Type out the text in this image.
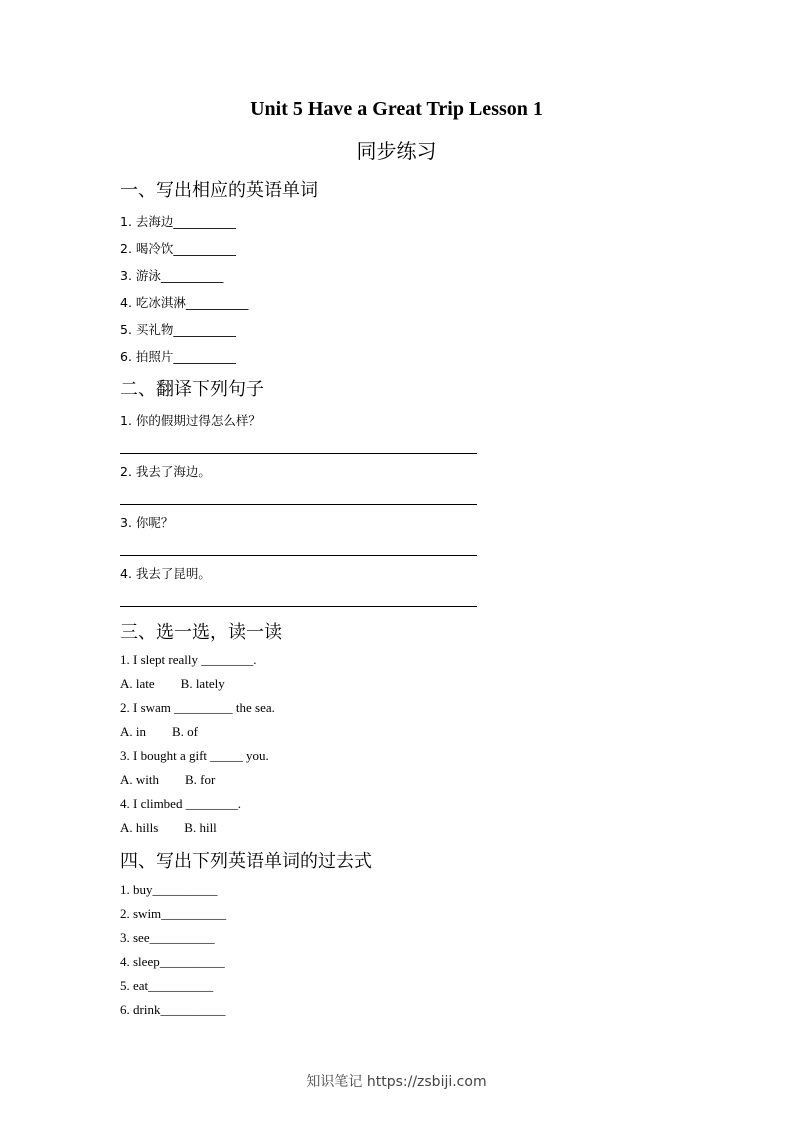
Unit 5 Have a Great Trip Lesson 1
同步练习
一、写出相应的英语单词
1. 去海边__________
2. 喝冷饮__________
3. 游泳__________
4. 吃冰淇淋__________
5. 买礼物__________
6. 拍照片__________
二、翻译下列句子
1. 你的假期过得怎么样？
2. 我去了海边。
3. 你呢？
4. 我去了昆明。
三、选一选，读一读
1. I slept really ________.
A. late        B. lately
2. I swam _________ the sea.
A. in        B. of
3. I bought a gift _____ you.
A. with        B. for
4. I climbed ________.
A. hills        B. hill
四、写出下列英语单词的过去式
1. buy__________
2. swim__________
3. see__________
4. sleep__________
5. eat__________
6. drink__________
知识笔记 https://zsbiji.com
